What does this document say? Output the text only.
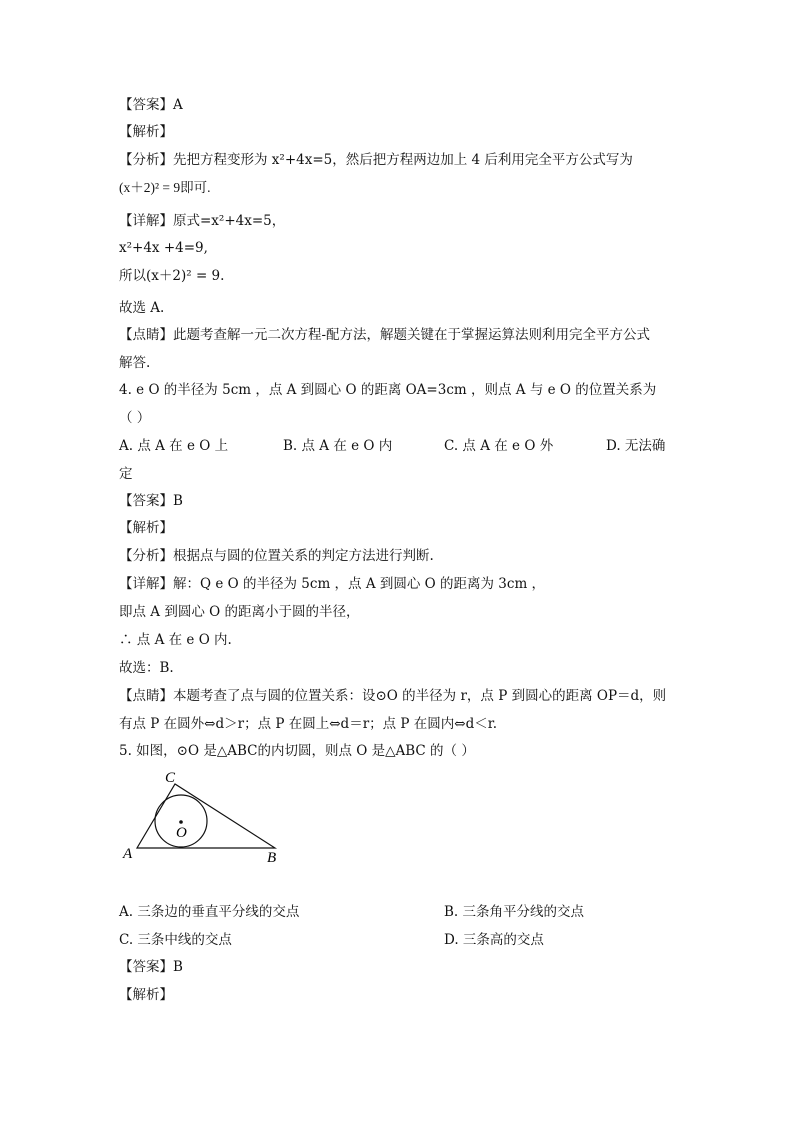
【答案】A
【解析】
【分析】先把方程变形为 x²+4x=5，然后把方程两边加上 4 后利用完全平方公式写为
(x＋2)² = 9即可.
【详解】原式=x²+4x=5，
x²+4x +4=9,
所以(x＋2)² = 9.
故选 A.
【点睛】此题考查解一元二次方程-配方法，解题关键在于掌握运算法则利用完全平方公式
解答.
4. e O 的半径为 5cm ，点 A 到圆心 O 的距离 OA=3cm ，则点 A 与 e O 的位置关系为
（ ）
A. 点 A 在 e O 上	B. 点 A 在 e O 内	C. 点 A 在 e O 外	D. 无法确
定
【答案】B
【解析】
【分析】根据点与圆的位置关系的判定方法进行判断.
【详解】解：Q e O 的半径为 5cm ，点 A 到圆心 O 的距离为 3cm ，
即点 A 到圆心 O 的距离小于圆的半径，
∴ 点 A 在 e O 内.
故选：B.
【点睛】本题考查了点与圆的位置关系：设⊙O 的半径为 r，点 P 到圆心的距离 OP＝d，则
有点 P 在圆外⇔d＞r；点 P 在圆上⇔d＝r；点 P 在圆内⇔d＜r.
5. 如图，⊙O 是△ABC的内切圆，则点 O 是△ABC 的（ ）
C
A	B
O
A. 三条边的垂直平分线的交点	B. 三条角平分线的交点
C. 三条中线的交点	D. 三条高的交点
【答案】B
【解析】
